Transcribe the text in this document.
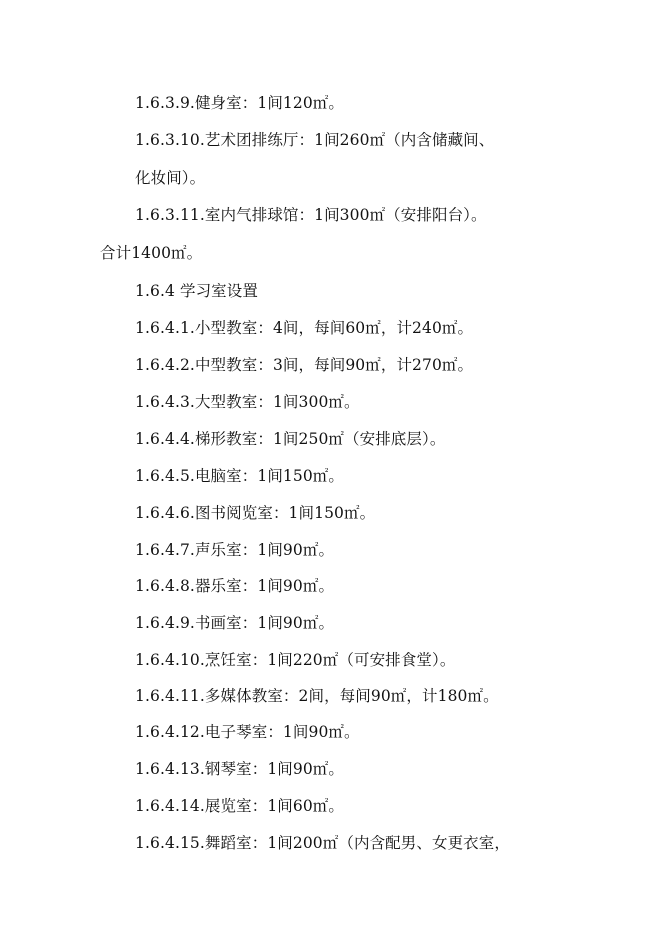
1.6.3.9.健身室：1间120㎡。
1.6.3.10.艺术团排练厅：1间260㎡（内含储藏间、
化妆间）。
1.6.3.11.室内气排球馆：1间300㎡（安排阳台）。
合计1400㎡。
1.6.4 学习室设置
1.6.4.1.小型教室：4间，每间60㎡，计240㎡。
1.6.4.2.中型教室：3间，每间90㎡，计270㎡。
1.6.4.3.大型教室：1间300㎡。
1.6.4.4.梯形教室：1间250㎡（安排底层）。
1.6.4.5.电脑室：1间150㎡。
1.6.4.6.图书阅览室：1间150㎡。
1.6.4.7.声乐室：1间90㎡。
1.6.4.8.器乐室：1间90㎡。
1.6.4.9.书画室：1间90㎡。
1.6.4.10.烹饪室：1间220㎡（可安排食堂）。
1.6.4.11.多媒体教室：2间，每间90㎡，计180㎡。
1.6.4.12.电子琴室：1间90㎡。
1.6.4.13.钢琴室：1间90㎡。
1.6.4.14.展览室：1间60㎡。
1.6.4.15.舞蹈室：1间200㎡（内含配男、女更衣室，
